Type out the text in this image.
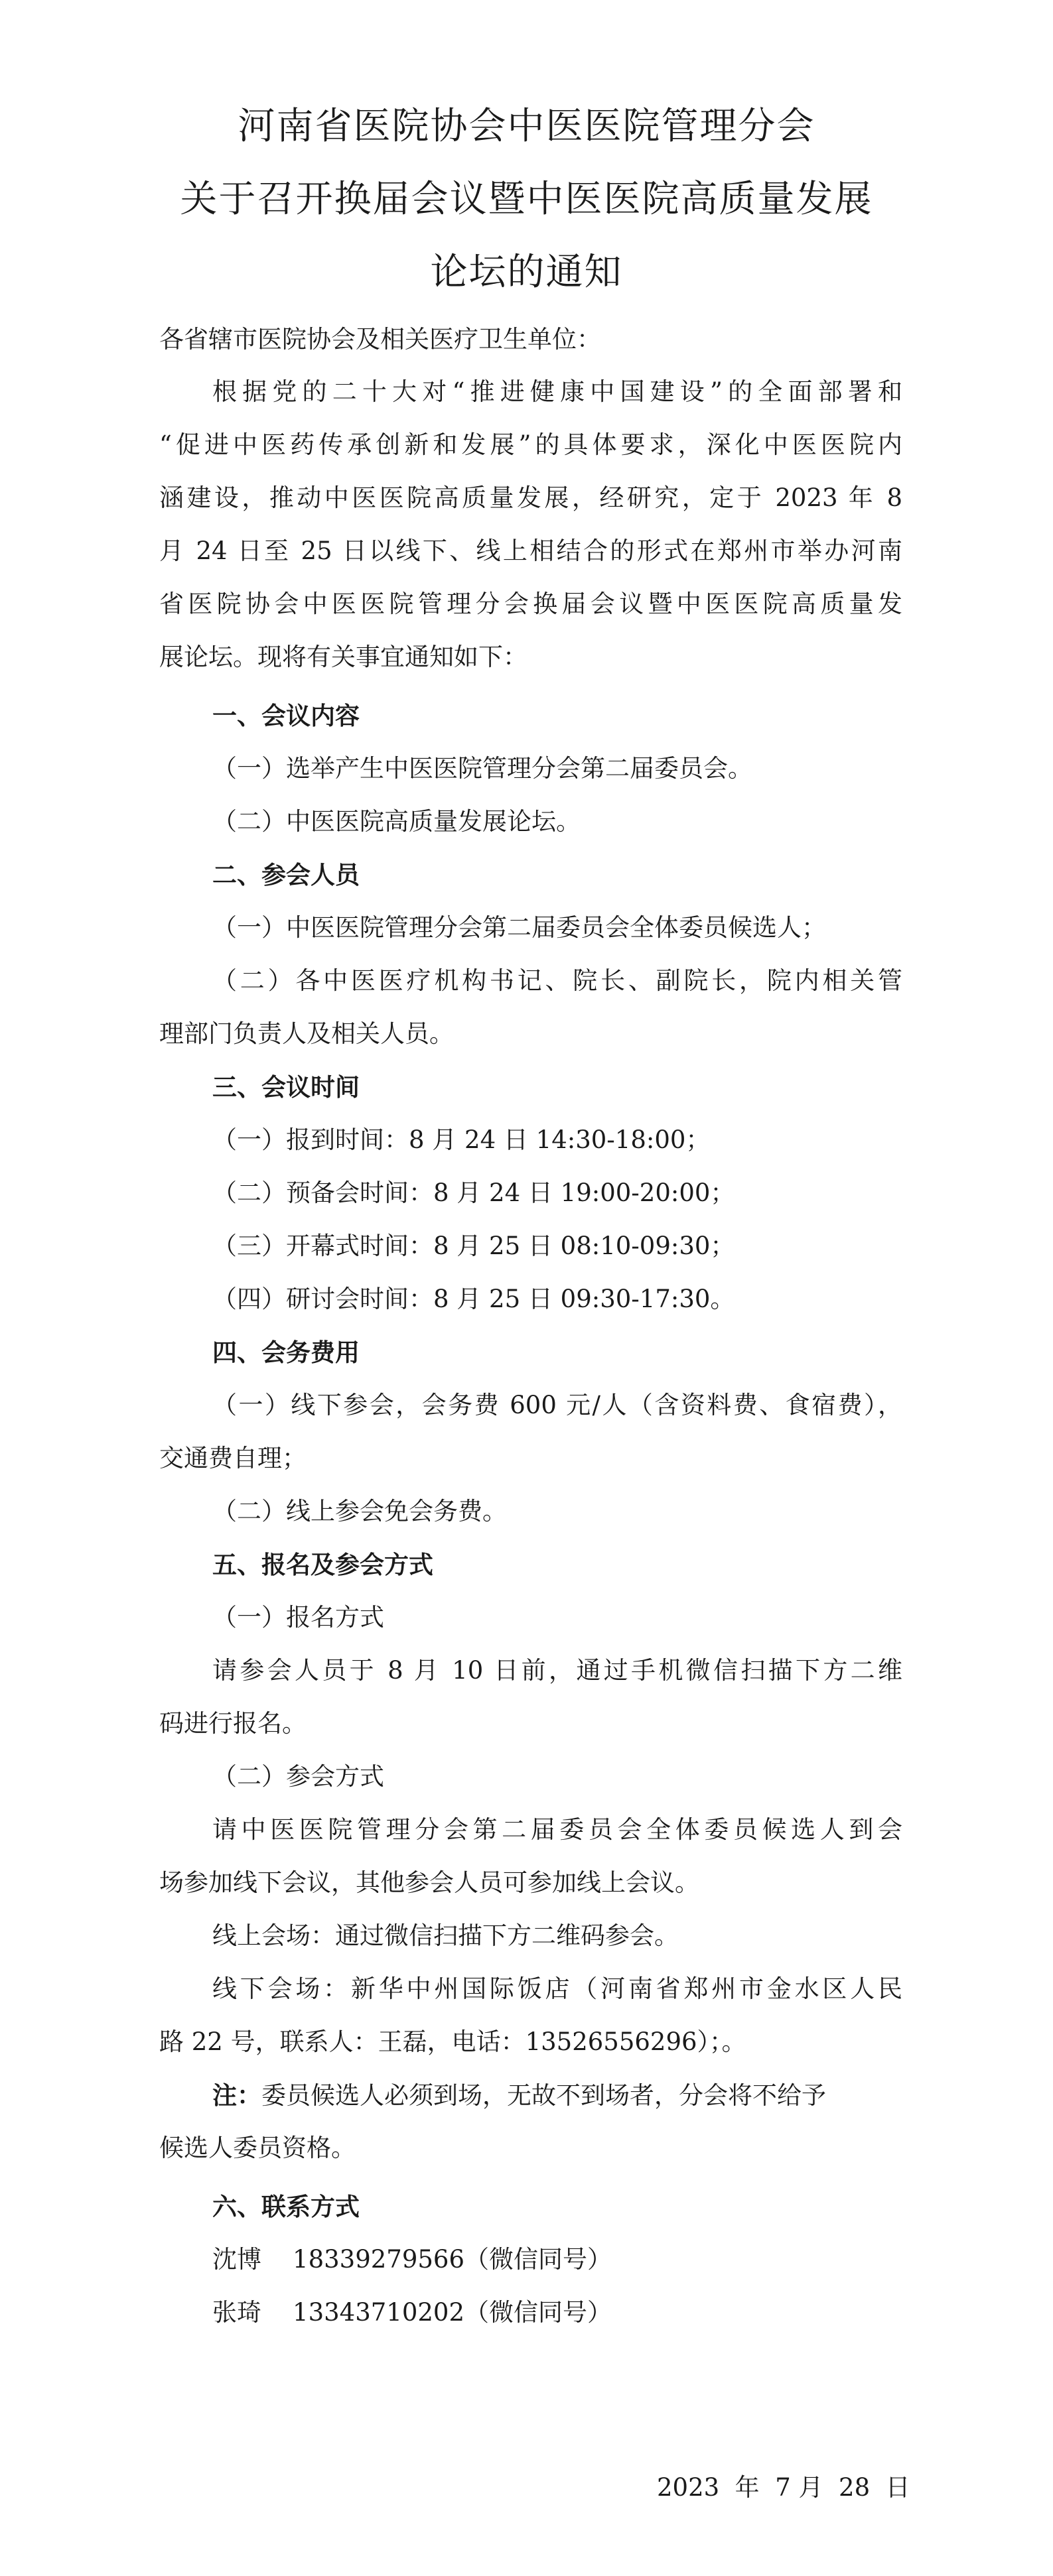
河南省医院协会中医医院管理分会
关于召开换届会议暨中医医院高质量发展
论坛的通知
各省辖市医院协会及相关医疗卫生单位：
根据党的二十大对“推进健康中国建设”的全面部署和
“促进中医药传承创新和发展”的具体要求，深化中医医院内
涵建设，推动中医医院高质量发展，经研究，定于 2023 年 8
月 24 日至 25 日以线下、线上相结合的形式在郑州市举办河南
省医院协会中医医院管理分会换届会议暨中医医院高质量发
展论坛。现将有关事宜通知如下：
一、会议内容
（一）选举产生中医医院管理分会第二届委员会。
（二）中医医院高质量发展论坛。
二、参会人员
（一）中医医院管理分会第二届委员会全体委员候选人；
（二）各中医医疗机构书记、院长、副院长，院内相关管
理部门负责人及相关人员。
三、会议时间
（一）报到时间：8 月 24 日 14:30-18:00；
（二）预备会时间：8 月 24 日 19:00-20:00；
（三）开幕式时间：8 月 25 日 08:10-09:30；
（四）研讨会时间：8 月 25 日 09:30-17:30。
四、会务费用
（一）线下参会，会务费 600 元/人（含资料费、食宿费），
交通费自理；
（二）线上参会免会务费。
五、报名及参会方式
（一）报名方式
请参会人员于 8 月 10 日前，通过手机微信扫描下方二维
码进行报名。
（二）参会方式
请中医医院管理分会第二届委员会全体委员候选人到会
场参加线下会议，其他参会人员可参加线上会议。
线上会场：通过微信扫描下方二维码参会。
线下会场：新华中州国际饭店（河南省郑州市金水区人民
路 22 号，联系人：王磊，电话：13526556296）；。
注：委员候选人必须到场，无故不到场者，分会将不给予
候选人委员资格。
六、联系方式
沈博    18339279566（微信同号）
张琦    13343710202（微信同号）
2023  年  7 月  28  日
